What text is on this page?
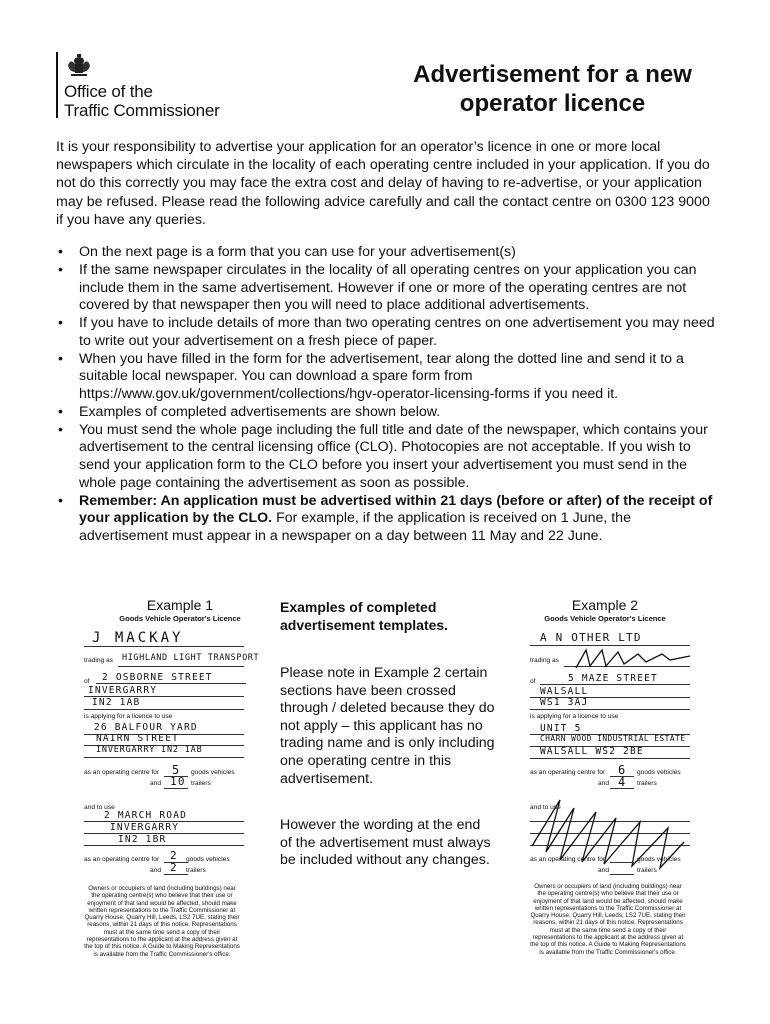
Office of the
Traffic Commissioner
Advertisement for a new
operator licence

It is your responsibility to advertise your application for an operator’s licence in one or more local newspapers which circulate in the locality of each operating centre included in your application. If you do not do this correctly you may face the extra cost and delay of having to re-advertise, or your application may be refused. Please read the following advice carefully and call the contact centre on 0300 123 9000 if you have any queries.

• On the next page is a form that you can use for your advertisement(s)
• If the same newspaper circulates in the locality of all operating centres on your application you can include them in the same advertisement. However if one or more of the operating centres are not covered by that newspaper then you will need to place additional advertisements.
• If you have to include details of more than two operating centres on one advertisement you may need to write out your advertisement on a fresh piece of paper.
• When you have filled in the form for the advertisement, tear along the dotted line and send it to a suitable local newspaper. You can download a spare form from https://www.gov.uk/government/collections/hgv-operator-licensing-forms if you need it.
• Examples of completed advertisements are shown below.
• You must send the whole page including the full title and date of the newspaper, which contains your advertisement to the central licensing office (CLO). Photocopies are not acceptable. If you wish to send your application form to the CLO before you insert your advertisement you must send in the whole page containing the advertisement as soon as possible.
• Remember: An application must be advertised within 21 days (before or after) of the receipt of your application by the CLO. For example, if the application is received on 1 June, the advertisement must appear in a newspaper on a day between 11 May and 22 June.
Example 1
Goods Vehicle Operator's Licence
J MACKAY
trading as HIGHLAND LIGHT TRANSPORT
of 2 OSBORNE STREET
INVERGARRY
IN2 1AB
is applying for a licence to use
26 BALFOUR YARD
NAIRN STREET
INVERGARRY IN2 1AB
as an operating centre for 5 goods vehicles
and 10 trailers
and to use
2 MARCH ROAD
INVERGARRY
IN2 1BR
as an operating centre for 2 goods vehicles
and 2 trailers
Owners or occupiers of land (including buildings) near the operating centre(s) who believe that their use or enjoyment of that land would be affected, should make written representations to the Traffic Commissioner at Quarry House, Quarry Hill, Leeds, LS2 7UE, stating their reasons, within 21 days of this notice. Representations must at the same time send a copy of their representations to the applicant at the address given at the top of this notice. A Guide to Making Representations is available from the Traffic Commissioner's office.
Examples of completed advertisement templates.
Please note in Example 2 certain sections have been crossed through / deleted because they do not apply – this applicant has no trading name and is only including one operating centre in this advertisement.
However the wording at the end of the advertisement must always be included without any changes.
Example 2
Goods Vehicle Operator's Licence
A N OTHER LTD
trading as
of	5 MAZE STREET
WALSALL
WS1 3AJ
is applying for a licence to use
UNIT 5
CHARN WOOD INDUSTRIAL ESTATE
WALSALL WS2 2BE
as an operating centre for 6 goods vehicles
and 4 trailers
and to use
as an operating centre for	goods vehicles
and	trailers
Owners or occupiers of land (including buildings) near the operating centre(s) who believe that their use or enjoyment of that land would be affected, should make written representations to the Traffic Commissioner at Quarry House, Quarry Hill, Leeds, LS2 7UE, stating their reasons, within 21 days of this notice. Representations must at the same time send a copy of their representations to the applicant at the address given at the top of this notice. A Guide to Making Representations is available from the Traffic Commissioner's office.
